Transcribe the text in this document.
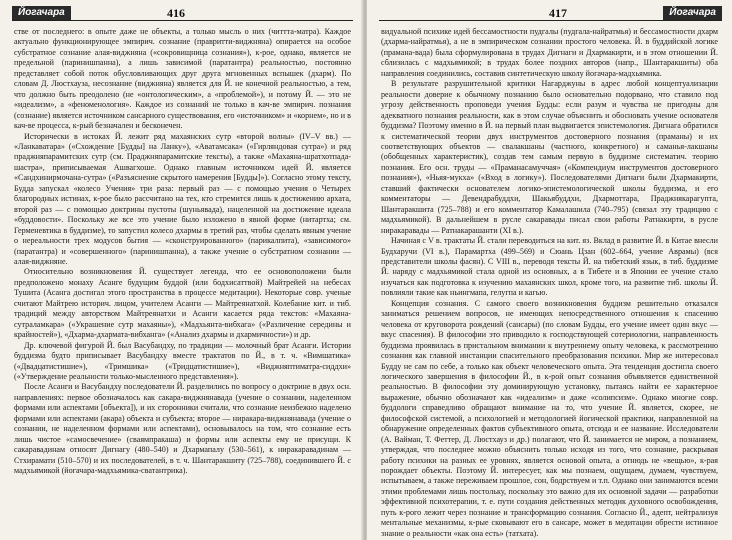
Йогачара	416

стве от последнего: в опыте даже не объекты, а только мысль о них (читтта-матра). Каждое актуально функционирующее эмпирич. сознание (правритти-виджняна) опирается на особое субстратное сознание алая-виджняна («сокровищница сознания»), к-рое, однако, является не предельной (паринишпанна), а лишь зависимой (паратантра) реальностью, постоянно представляет собой поток обусловливающих друг друга мгновенных вспышек (дхарм). По словам Д. Люстхауза, несознание (виджняна) является для Й. не конечной реальностью, а тем, что должно быть преодолено (не «онтологическим», а «проблемой»), и потому Й. — это не «идеализм», а «феноменология». Каждое из сознаний не только в кач-ве эмпирич. познания (сознание) является источником сансарного существования, его «источником» и «корнем», но и в кач-ве процесса, к-рый безначален и бесконечен.

Исторически в истоках Й. лежит ряд махаянских сутр «второй волны» (IV–V вв.) — «Ланкаватара» («Схождение [Будды] на Ланку»), «Аватамсака» («Гирляндовая сутра») и ряд праджняпарамитских сутр (см. Праджняпарамитские тексты), а также «Махаяна-шратхотпада-шастра», приписываемая Ашвагхоше. Однако главным источником идей Й. является «Сандхинирмочана-сутра» («Разъяснение скрытого намерения [Будды]»). Согласно этому тексту, Будда запускал «колесо Учения» три раза: первый раз — с помощью учения о Четырех благородных истинах, к-рое было рассчитано на тех, кто стремится лишь к достижению архата, второй раз — с помощью доктрины пустоты (шуньявада), нацеленной на достижение идеала «буддовости». Поскольку же все это учение было изложено в явной форме (нитартха; см. Герменевтика в буддизме), то запустил колесо дхармы в третий раз, чтобы сделать явным учение о нереальности трех модусов бытия — «сконструированного» (парикалпита), «зависимого» (паратантра) и «совершенного» (паринишпанна), а также учение о субстратном сознании — алая-виджняне.

Относительно возникновения Й. существует легенда, что ее основоположени были предположено монаху Асанге будущим буддой (или бодхисаттвой) Майтрейей на небесах Тушита (Асанга достигал этого пространства в процессе медитации). Некоторые совр. ученые считают Майтрею историч. лицом, учителем Асанги — Майтреянатхой. Колебание кит. и тиб. традиций между авторством Майтреянатхи и Асанги касается ряда текстов: «Махаяна-сутраламкара» («Украшение сутр махаяны»), «Мадхьянта-вибхага» («Различение середины и крайностей»), «Дхарма-дхармата-вибханга» («Анализ дхармы и дхармичности») и др.

Др. ключевой фигурой Й. был Васубандху, по традиции — молочный брат Асанги. Истории буддизма будто приписывает Васубандху вместе трактатов по Й., в т. ч. «Вимшатика» («Двадцатистишие»), «Тримшика» («Тридцатистишие»), «Виджняптиматра-сиддхи» («Утверждение реальности только-мысленного представления»).

После Асанги и Васубандху последователи Й. разделились по вопросу о доктрине в двух осн. направлениях: первое обозначалось как сакара-виджнянавада (учение о сознании, наделенном формами или аспектами [объекта]), и их сторонники считали, что сознание неизбежно наделено формами или аспектами (акара) объекта и субъекта; второе — ниракара-виджнянавада (учение о сознании, не наделенном формами или аспектами), основывалось на том, что сознание есть лишь чистое «самосвечение» (сваямпракаша) и формы или аспекты ему не присущи. К сакаравадинам относят Дигнагу (480–540) и Дхармапалу (530–561), к ниракаравадинам — Стхирамати (510–570) и их последователей, в т. ч. Шантаракшиту (725–788), соединившего Й. с мадхьямикой (йогачара-мадхьямика-сватантрика).

417	Йогачара

видуальной психике идей бессамостности пудгалы (пудгала-найратмья) и бессамостности дхарм (дхарма-найратмья), а не в эмпирическом сознании простого человека. Й. в буддийской логике (прамана-вада) была сформулирована в трудах Дигнаги и Дхармакирти, и в этом отношении Й. сблизилась с мадхьямикой; в трудах более поздних авторов (напр., Шантаракшиты) оба направления соединились, составив синтетическую школу йогачара-мадхьямика.

В результате разрушительной критики Нагарджуны в адрес любой концептуализации реальности доверие к обычному познанию было основательно подорвано, что ставило под угрозу действенность проповеди учения Будды: если разум и чувства не пригодны для адекватного познания реальности, как в этом случае объяснить и обосновать учение основателя буддизма? Поэтому именно в Й. на первый план выдвигается эпистемология. Дигнага обратился к систематической теории двух инструментов достоверного познания (праманы) и их соответствующих объектов — свалакшаны (частного, конкретного) и саманья-лакшаны (обобщенных характеристик), создав тем самым первую в буддизме систематич. теорию познания. Его осн. труды — «Праманасамуччая» («Компендиум инструментов достоверного познания»), «Ньяя-мукха» («Вход в логику»). Последователями Дигнаги были Дхармакирти, ставший фактически основателем логико-эпистемологической школы буддизма, и его комментаторы — Девендрабуддхи, Шакьябуддхи, Дхармоттара, Праджнякарагупта, Шантаракшита (725–788) и его комментатор Камалашила (740–795) (связал эту традицию с мадхьямикой). В дальнейшем в русле сакаравады писал свои работы Ратнакирти, в русле ниракаравады — Ратнакарашанти (XI в.).

Начиная с V в. трактаты Й. стали переводиться на кит. яз. Вклад в развитие Й. в Китае внесли Будхаручи (VI в.), Парамартха (499–569) и Сюань Цзан (602–664, учение Аврамы) (вся представители школы фасян). С VIII в., переводя тексты Й. на тибетский язык, в тиб. буддизме Й. наряду с мадхьямикой стала одной из основных, а в Тибете и в Японии ее учение стало изучаться как подготовка к изучению махаянских школ, кроме того, на развитие тиб. школы Й. повлияли такие как ньингмапа, гелугпа и кагью.

Концепция сознания. С самого своего возникновения буддизм решительно отказался заниматься решением вопросов, не имеющих непосредственного отношения к спасению человека от круговорота рождений (сансары) (по словам Будды, его учение имеет один вкус — вкус спасения). В философии это приводило к господствующей сотериологии, направленность буддизма проявилась в пристальном внимании к внутреннему опыту человека, к рассмотрению сознания как главной инстанции спасительного преобразования психики. Мир же интересовал Будду не сам по себе, а только как объект человеческого опыта. Эта тенденция достигла своего логического завершения в философии Й., в к-рой опыт сознания объявляется единственной реальностью. В философии эту доминирующую установку, пытаясь найти ее характерное выражение, обычно обозначают как «идеализм» и даже «солипсизм». Однако многие совр. буддологи справедливо обращают внимание на то, что учение Й. является, скорее, не философской системой, а психологией и методологией йогической практики, направленной на обнаружение определенных фактов субъективного опыта, отсюда и ее название. Исследователи (А. Вайман, Т. Феттер, Д. Люстхауз и др.) полагают, что Й. занимается не миром, а познанием, утверждая, что последнее можно объяснить только исходя из того, что сознание, раскрывая работу психики на разных ее уровнях, является основой опыта, а отнюдь не «вещью», к-рая порождает объекты. Поэтому Й. интересует, как мы познаем, ощущаем, думаем, чувствуем, испытываем, а также переживаем прошлое, сон, бодрствуем и т.п. Однако они занимаются всеми этими проблемами лишь постольку, поскольку это важно для их основной задачи — разработки эффективной психотерапии, т. е. пути создания действенных методик духовного освобождения, путь к-рого лежит через познание и трансформацию сознания. Согласно Й., адепт, нейтрализуя ментальные механизмы, к-рые сковывают его в сансаре, может в медитации обрести истинное знание о реальности «как она есть» (татхата).
